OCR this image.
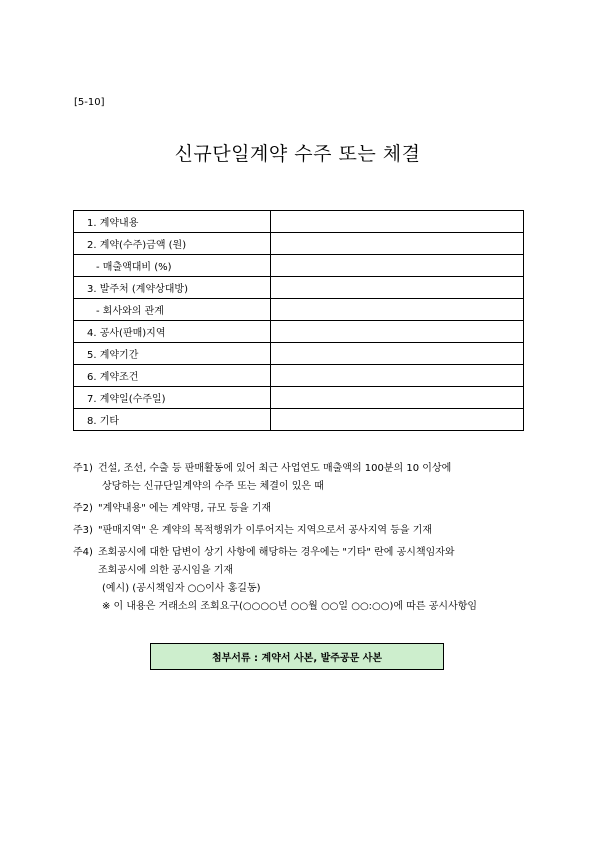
[5-10]
신규단일계약 수주 또는 체결
1. 계약내용	
2. 계약(수주)금액 (원)	
- 매출액대비 (%)	
3. 발주처 (계약상대방)	
- 회사와의 관계	
4. 공사(판매)지역	
5. 계약기간	
6. 계약조건	
7. 계약일(수주일)	
8. 기타	
주1) 건설, 조선, 수출 등 판매활동에 있어 최근 사업연도 매출액의 100분의 10 이상에
상당하는 신규단일계약의 수주 또는 체결이 있은 때
주2) "계약내용" 에는 계약명, 규모 등을 기재
주3) "판매지역" 은 계약의 목적행위가 이루어지는 지역으로서 공사지역 등을 기재
주4) 조회공시에 대한 답변이 상기 사항에 해당하는 경우에는 "기타" 란에 공시책임자와
조회공시에 의한 공시임을 기재
(예시) (공시책임자 ○○이사 홍길동)
※ 이 내용은 거래소의 조회요구(○○○○년 ○○월 ○○일 ○○:○○)에 따른 공시사항임
첨부서류 : 계약서 사본, 발주공문 사본
